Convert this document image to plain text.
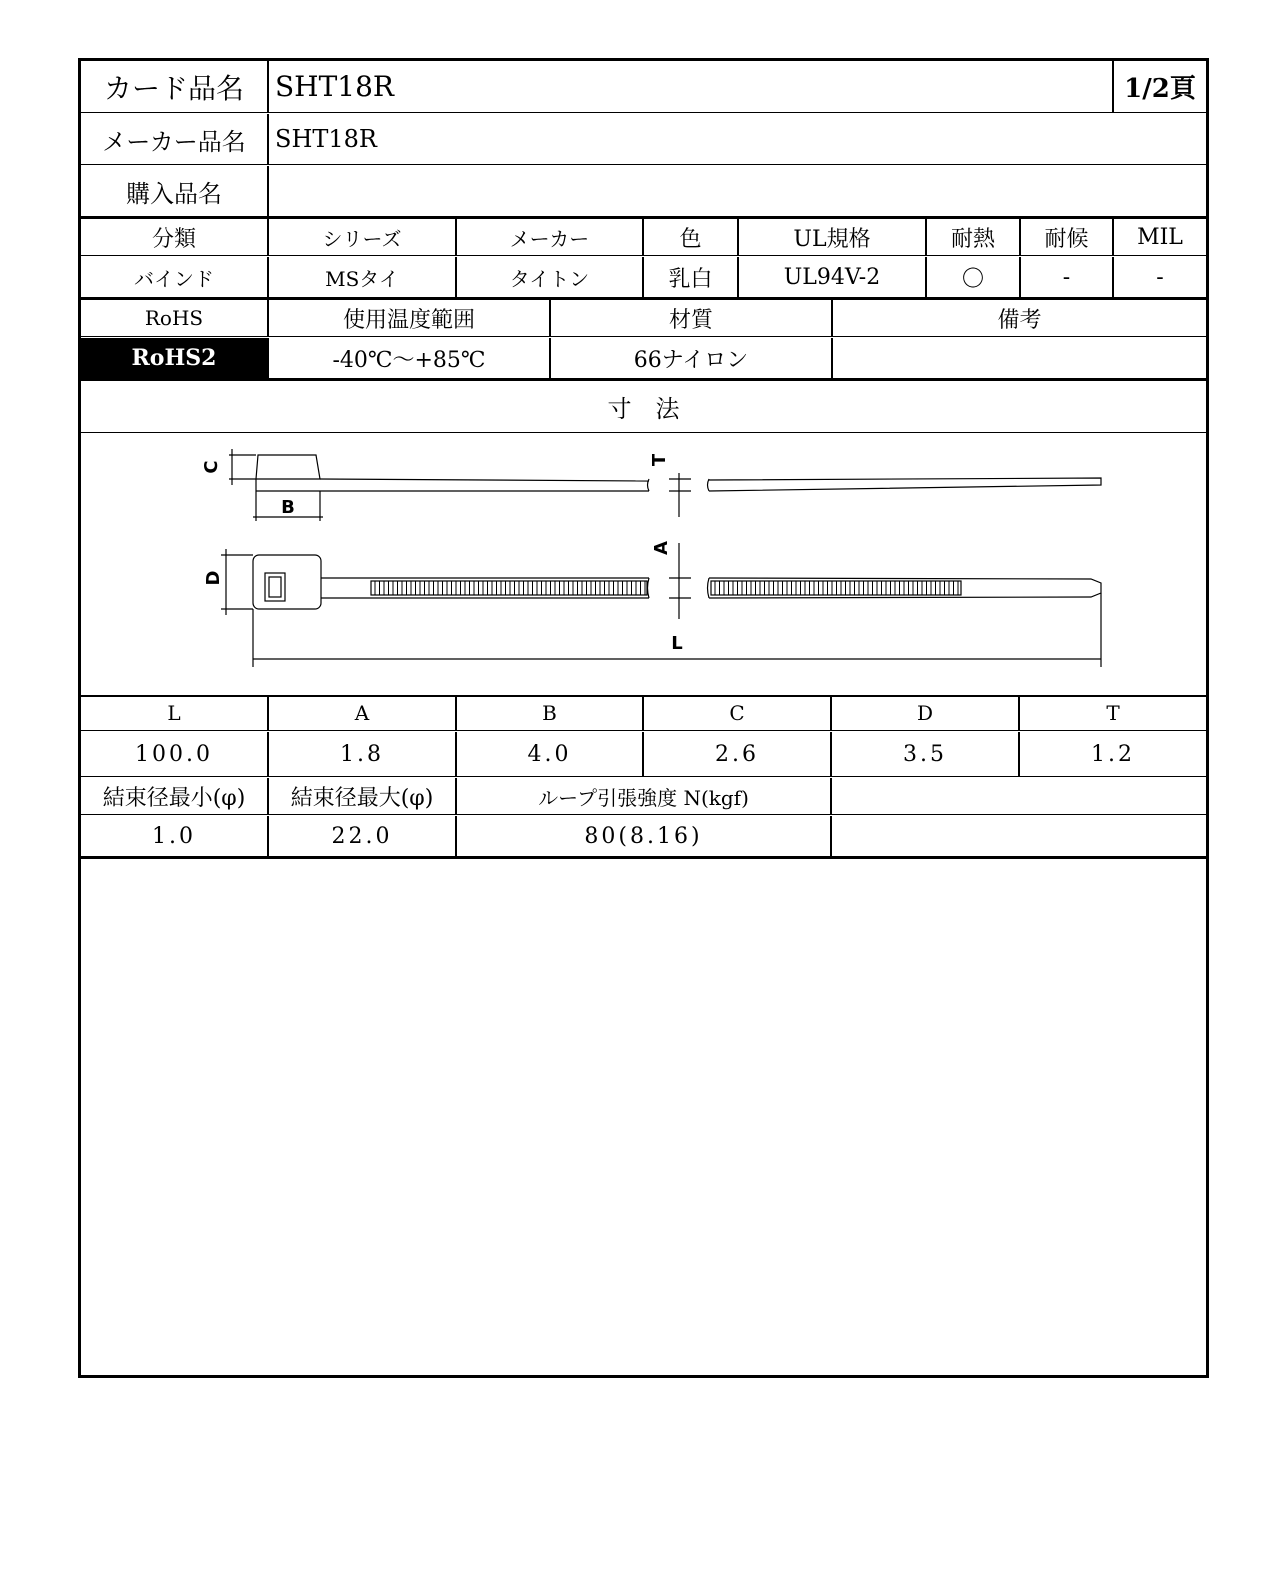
カード品名	SHT18R	1/2頁
メーカー品名	SHT18R
購入品名
分類	シリーズ	メーカー	色	UL規格	耐熱	耐候	MIL
バインド	MSタイ	タイトン	乳白	UL94V-2	〇	-	-
RoHS	使用温度範囲	材質	備考
RoHS2	-40℃～+85℃	66ナイロン
寸　法
C
B
T
A
D
L
L	A	B	C	D	T
100.0	1.8	4.0	2.6	3.5	1.2
結束径最小(φ)	結束径最大(φ)	ループ引張強度 N(kgf)
1.0	22.0	80(8.16)
